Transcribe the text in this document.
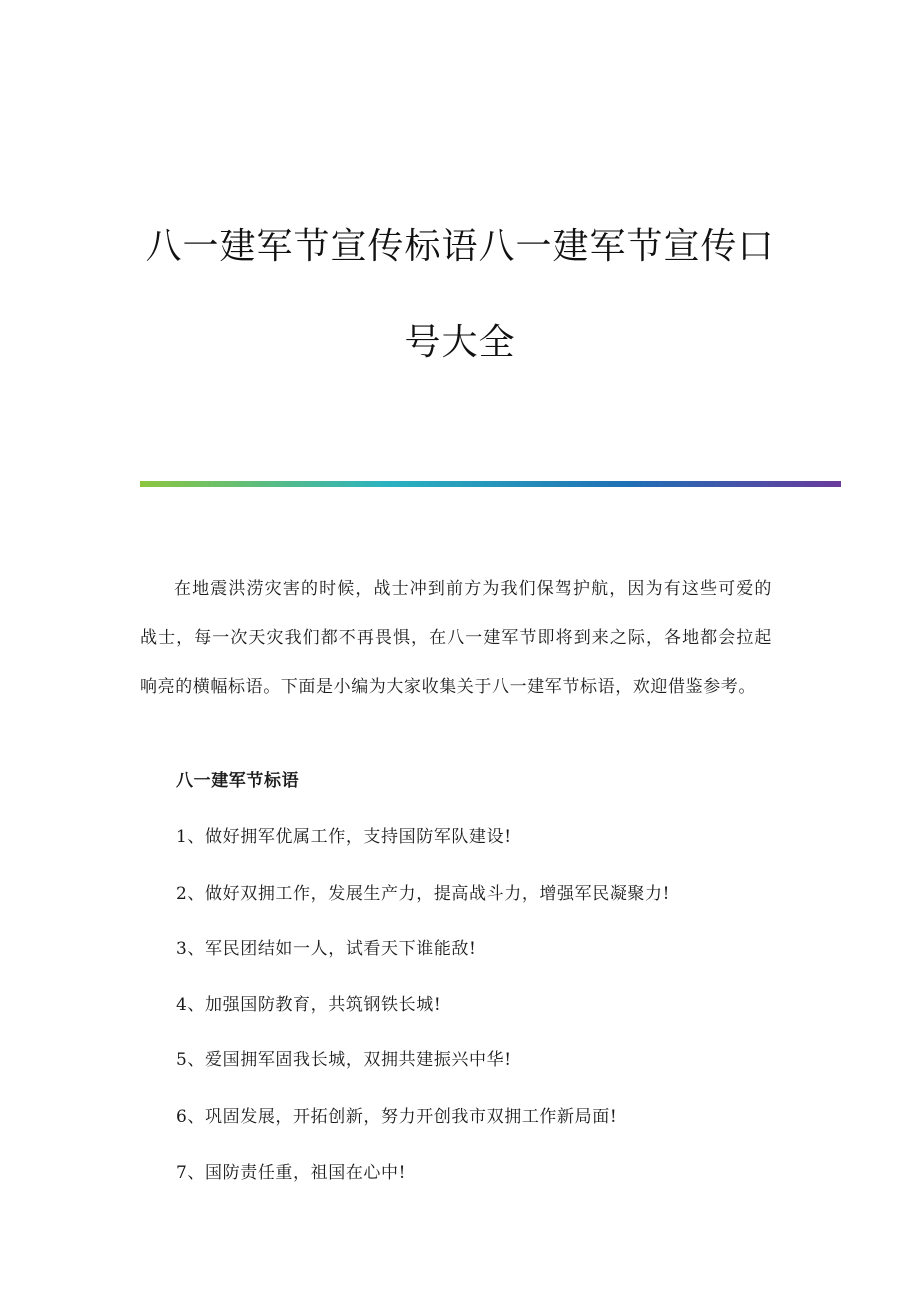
八一建军节宣传标语八一建军节宣传口
号大全

在地震洪涝灾害的时候，战士冲到前方为我们保驾护航，因为有这些可爱的战士，每一次天灾我们都不再畏惧，在八一建军节即将到来之际，各地都会拉起响亮的横幅标语。下面是小编为大家收集关于八一建军节标语，欢迎借鉴参考。

八一建军节标语

1、做好拥军优属工作，支持国防军队建设!

2、做好双拥工作，发展生产力，提高战斗力，增强军民凝聚力!

3、军民团结如一人，试看天下谁能敌!

4、加强国防教育，共筑钢铁长城!

5、爱国拥军固我长城，双拥共建振兴中华!

6、巩固发展，开拓创新，努力开创我市双拥工作新局面!

7、国防责任重，祖国在心中!
